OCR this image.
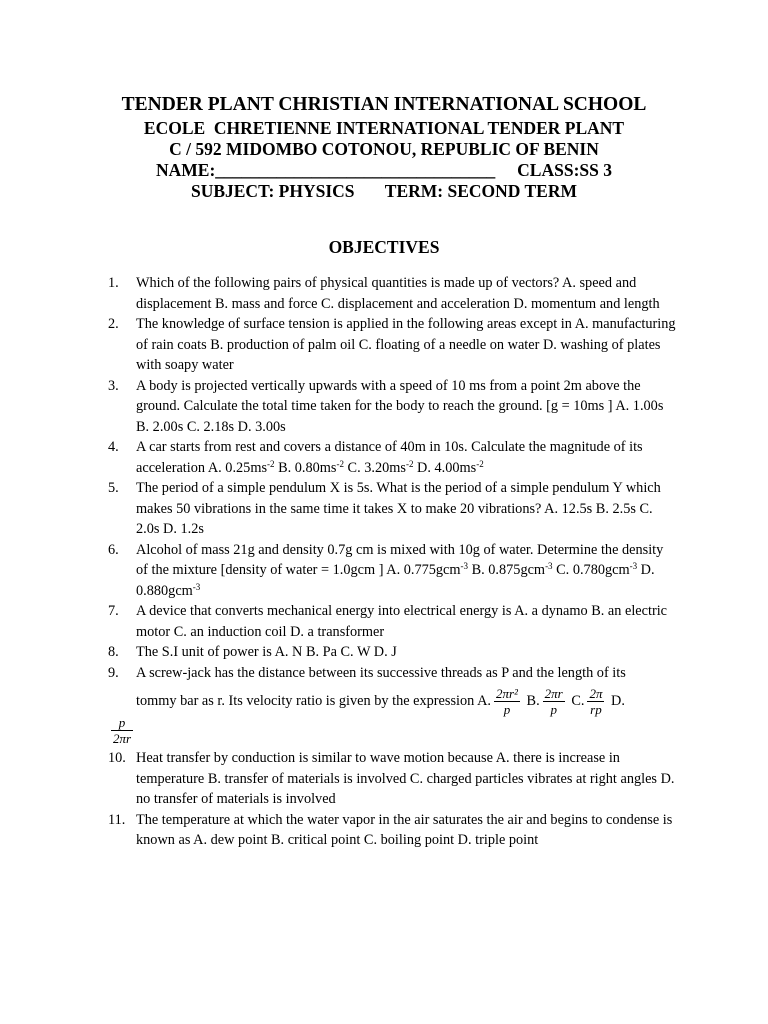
TENDER PLANT CHRISTIAN INTERNATIONAL SCHOOL
ECOLE  CHRETIENNE INTERNATIONAL TENDER PLANT
C / 592 MIDOMBO COTONOU, REPUBLIC OF BENIN
NAME:________________________________     CLASS:SS 3
SUBJECT: PHYSICS       TERM: SECOND TERM
OBJECTIVES
1. Which of the following pairs of physical quantities is made up of vectors? A. speed and displacement B. mass and force C. displacement and acceleration D. momentum and length
2. The knowledge of surface tension is applied in the following areas except in A. manufacturing of rain coats B. production of palm oil C. floating of a needle on water D. washing of plates with soapy water
3. A body is projected vertically upwards with a speed of 10 ms from a point 2m above the ground. Calculate the total time taken for the body to reach the ground. [g = 10ms ] A. 1.00s B. 2.00s C. 2.18s D. 3.00s
4. A car starts from rest and covers a distance of 40m in 10s. Calculate the magnitude of its acceleration A. $0.25ms^{-2}$ B. $0.80ms^{-2}$ C. $3.20ms^{-2}$ D. $4.00ms^{-2}$
5. The period of a simple pendulum X is 5s. What is the period of a simple pendulum Y which makes 50 vibrations in the same time it takes X to make 20 vibrations? A. 12.5s B. 2.5s C. 2.0s D. 1.2s
6. Alcohol of mass 21g and density 0.7g cm is mixed with 10g of water. Determine the density of the mixture [density of water = 1.0gcm ] A. 0.775gcm$^{-3}$ B. 0.875gcm$^{-3}$ C. 0.780gcm$^{-3}$ D. 0.880gcm$^{-3}$
7. A device that converts mechanical energy into electrical energy is A. a dynamo B. an electric motor C. an induction coil D. a transformer
8. The S.I unit of power is A. N B. Pa C. W D. J
9. A screw-jack has the distance between its successive threads as P and the length of its
tommy bar as r. Its velocity ratio is given by the expression A. $\frac{\text{2πr²}}{p} B$. $\frac{2\pi r}{p} C$. $\frac{2\pi}{rp} D$.
$\frac{p}{2\pi r}$
10. Heat transfer by conduction is similar to wave motion because A. there is increase in temperature B. transfer of materials is involved C. charged particles vibrates at right angles D. no transfer of materials is involved
11. The temperature at which the water vapor in the air saturates the air and begins to condense is known as A. dew point B. critical point C. boiling point D. triple point
